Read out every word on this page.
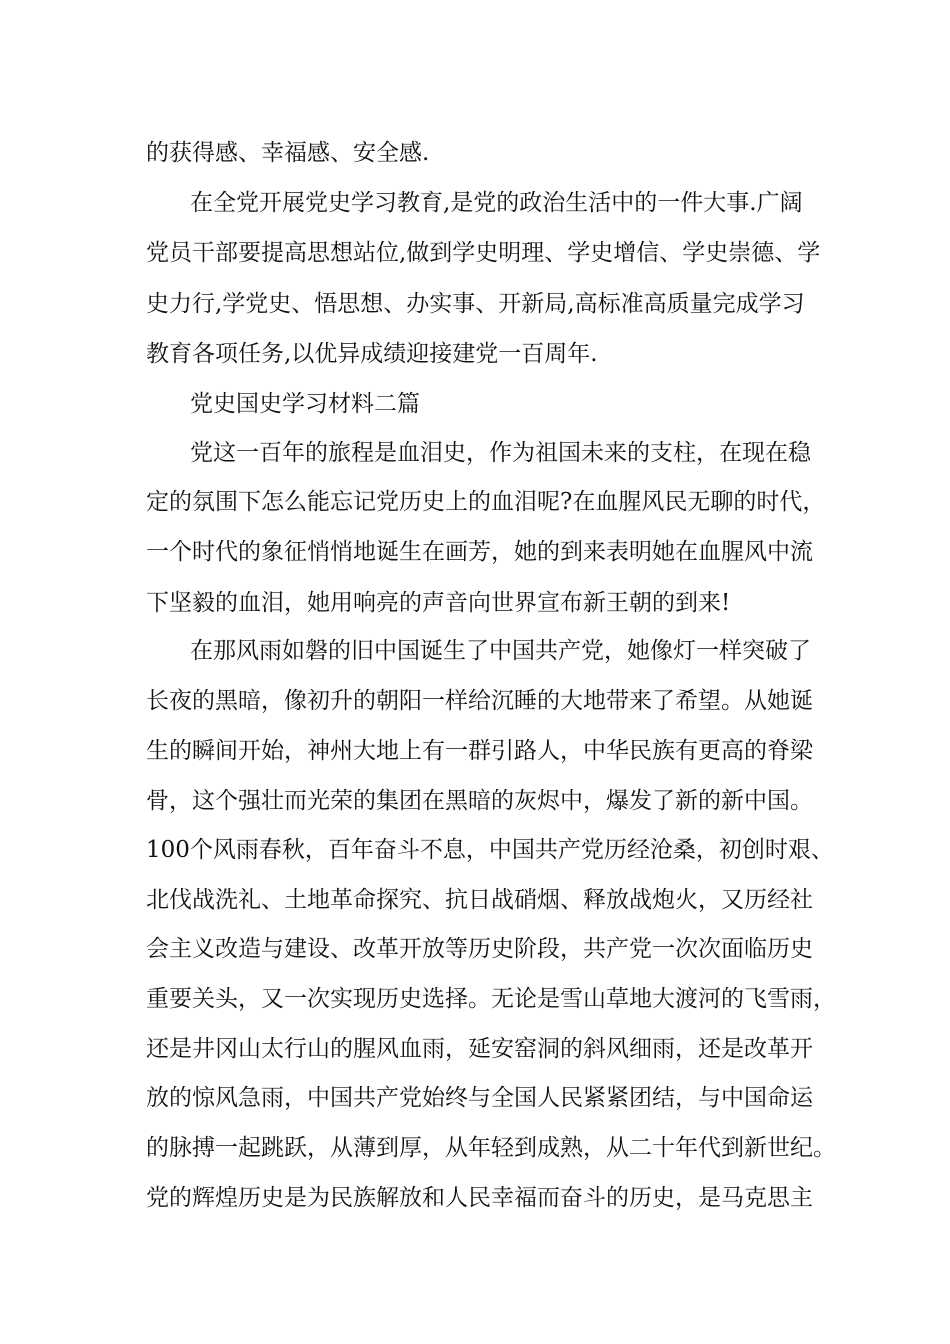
的获得感、幸福感、安全感.
在全党开展党史学习教育,是党的政治生活中的一件大事.广阔
党员干部要提高思想站位,做到学史明理、学史增信、学史崇德、学
史力行,学党史、悟思想、办实事、开新局,高标准高质量完成学习
教育各项任务,以优异成绩迎接建党一百周年.
党史国史学习材料二篇
党这一百年的旅程是血泪史，作为祖国未来的支柱，在现在稳
定的氛围下怎么能忘记党历史上的血泪呢?在血腥风民无聊的时代，
一个时代的象征悄悄地诞生在画芳，她的到来表明她在血腥风中流
下坚毅的血泪，她用响亮的声音向世界宣布新王朝的到来!
在那风雨如磐的旧中国诞生了中国共产党，她像灯一样突破了
长夜的黑暗，像初升的朝阳一样给沉睡的大地带来了希望。从她诞
生的瞬间开始，神州大地上有一群引路人，中华民族有更高的脊梁
骨，这个强壮而光荣的集团在黑暗的灰烬中，爆发了新的新中国。
100个风雨春秋，百年奋斗不息，中国共产党历经沧桑，初创时艰、
北伐战洗礼、土地革命探究、抗日战硝烟、释放战炮火，又历经社
会主义改造与建设、改革开放等历史阶段，共产党一次次面临历史
重要关头，又一次实现历史选择。无论是雪山草地大渡河的飞雪雨，
还是井冈山太行山的腥风血雨，延安窑洞的斜风细雨，还是改革开
放的惊风急雨，中国共产党始终与全国人民紧紧团结，与中国命运
的脉搏一起跳跃，从薄到厚，从年轻到成熟，从二十年代到新世纪。
党的辉煌历史是为民族解放和人民幸福而奋斗的历史，是马克思主
